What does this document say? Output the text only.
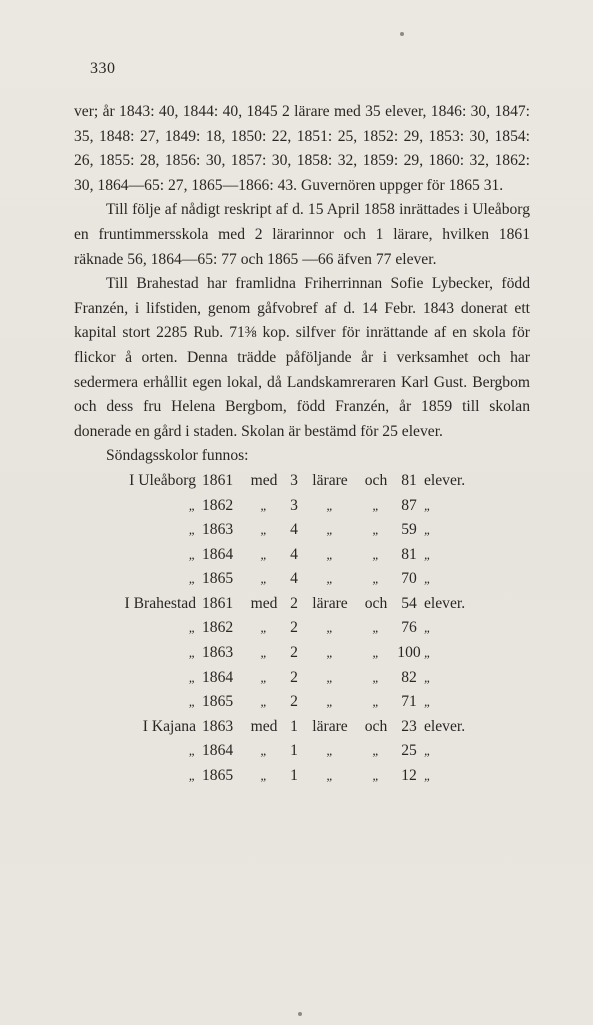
330

ver; år 1843: 40, 1844: 40, 1845 2 lärare med 35 elever, 1846: 30, 1847: 35, 1848: 27, 1849: 18, 1850: 22, 1851: 25, 1852: 29, 1853: 30, 1854: 26, 1855: 28, 1856: 30, 1857: 30, 1858: 32, 1859: 29, 1860: 32, 1862: 30, 1864—65: 27, 1865—1866: 43. Guvernören uppger för 1865 31.

Till följe af nådigt reskript af d. 15 April 1858 inrättades i Uleåborg en fruntimmersskola med 2 lärarinnor och 1 lärare, hvilken 1861 räknade 56, 1864—65: 77 och 1865 —66 äfven 77 elever.

Till Brahestad har framlidna Friherrinnan Sofie Lybecker, född Franzén, i lifstiden, genom gåfvobref af d. 14 Febr. 1843 donerat ett kapital stort 2285 Rub. 71⅜ kop. silfver för inrättande af en skola för flickor å orten. Denna trädde påföljande år i verksamhet och har sedermera erhållit egen lokal, då Landskamreraren Karl Gust. Bergbom och dess fru Helena Bergbom, född Franzén, år 1859 till skolan donerade en gård i staden. Skolan är bestämd för 25 elever.

Söndagsskolor funnos:

I Uleåborg	1861	med	3	lärare	och	81	elever.
„	1862	„	3	„	„	87	„
„	1863	„	4	„	„	59	„
„	1864	„	4	„	„	81	„
„	1865	„	4	„	„	70	„
I Brahestad	1861	med	2	lärare	och	54	elever.
„	1862	„	2	„	„	76	„
„	1863	„	2	„	„	100	„
„	1864	„	2	„	„	82	„
„	1865	„	2	„	„	71	„
I Kajana	1863	med	1	lärare	och	23	elever.
„	1864	„	1	„	„	25	„
„	1865	„	1	„	„	12	„
